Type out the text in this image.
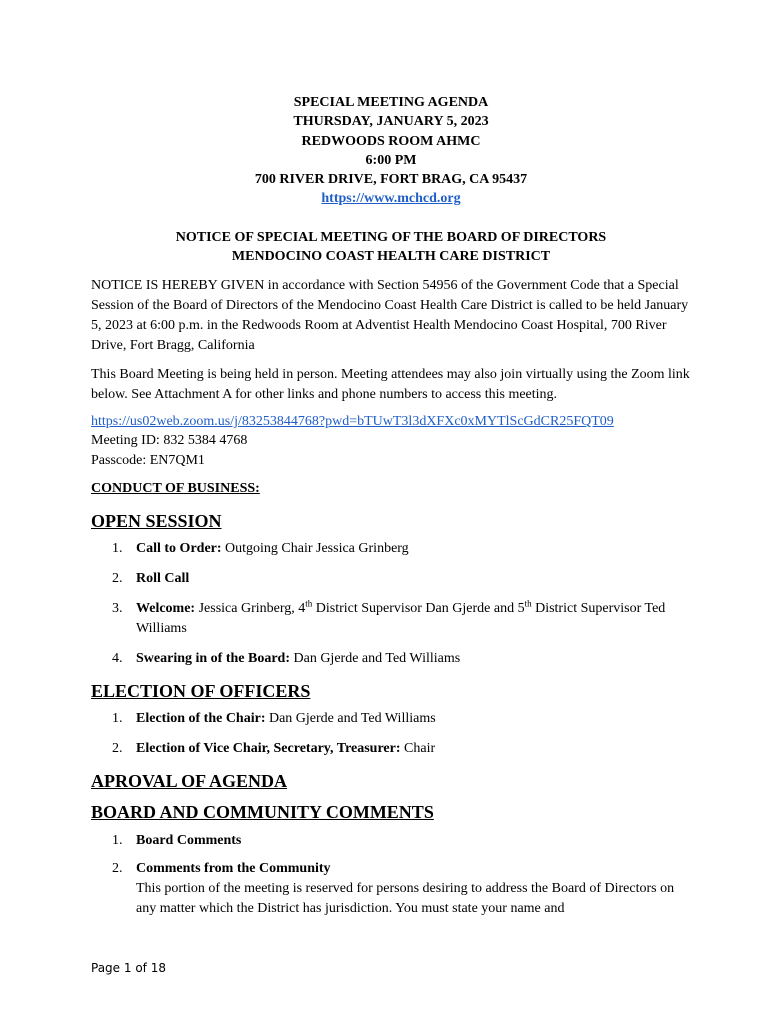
SPECIAL MEETING AGENDA
THURSDAY, JANUARY 5, 2023
REDWOODS ROOM AHMC
6:00 PM
700 RIVER DRIVE, FORT BRAG, CA 95437
https://www.mchcd.org
NOTICE OF SPECIAL MEETING OF THE BOARD OF DIRECTORS
MENDOCINO COAST HEALTH CARE DISTRICT

NOTICE IS HEREBY GIVEN in accordance with Section 54956 of the Government Code that a Special Session of the Board of Directors of the Mendocino Coast Health Care District is called to be held January 5, 2023 at 6:00 p.m. in the Redwoods Room at Adventist Health Mendocino Coast Hospital, 700 River Drive, Fort Bragg, California

This Board Meeting is being held in person. Meeting attendees may also join virtually using the Zoom link below. See Attachment A for other links and phone numbers to access this meeting.

https://us02web.zoom.us/j/83253844768?pwd=bTUwT3l3dXFXc0xMYTlScGdCR25FQT09
Meeting ID: 832 5384 4768
Passcode: EN7QM1
CONDUCT OF BUSINESS:
OPEN SESSION
1. Call to Order: Outgoing Chair Jessica Grinberg
2. Roll Call
3. Welcome: Jessica Grinberg, 4th District Supervisor Dan Gjerde and 5th District Supervisor Ted Williams
4. Swearing in of the Board: Dan Gjerde and Ted Williams
ELECTION OF OFFICERS
1. Election of the Chair: Dan Gjerde and Ted Williams
2. Election of Vice Chair, Secretary, Treasurer: Chair
APROVAL OF AGENDA
BOARD AND COMMUNITY COMMENTS
1. Board Comments
2. Comments from the Community
This portion of the meeting is reserved for persons desiring to address the Board of Directors on any matter which the District has jurisdiction. You must state your name and
Page 1 of 18
